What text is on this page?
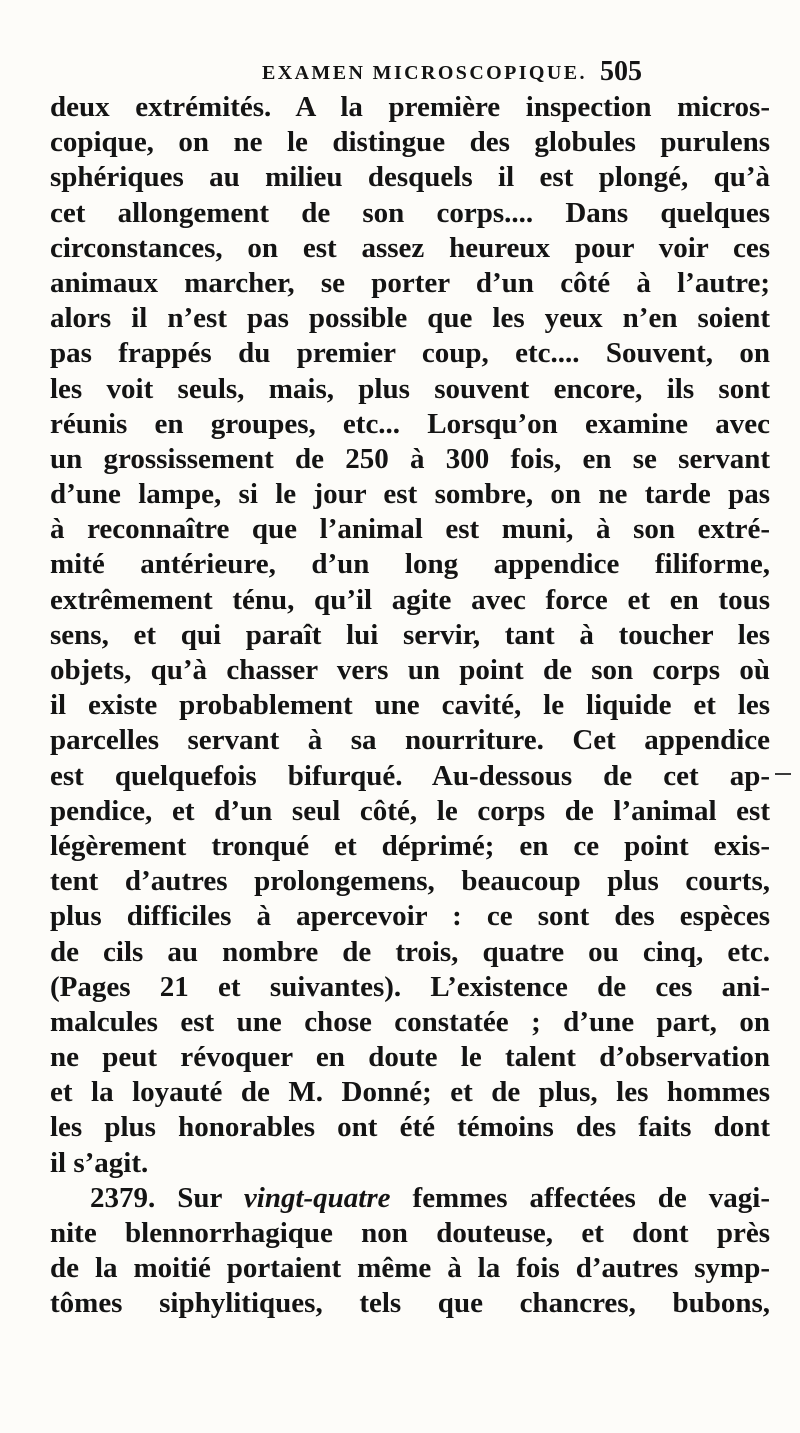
EXAMEN MICROSCOPIQUE. 505
deux extrémités. A la première inspection micros-
copique, on ne le distingue des globules purulens
sphériques au milieu desquels il est plongé, qu’à
cet allongement de son corps.... Dans quelques
circonstances, on est assez heureux pour voir ces
animaux marcher, se porter d’un côté à l’autre;
alors il n’est pas possible que les yeux n’en soient
pas frappés du premier coup, etc.... Souvent, on
les voit seuls, mais, plus souvent encore, ils sont
réunis en groupes, etc... Lorsqu’on examine avec
un grossissement de 250 à 300 fois, en se servant
d’une lampe, si le jour est sombre, on ne tarde pas
à reconnaître que l’animal est muni, à son extré-
mité antérieure, d’un long appendice filiforme,
extrêmement ténu, qu’il agite avec force et en tous
sens, et qui paraît lui servir, tant à toucher les
objets, qu’à chasser vers un point de son corps où
il existe probablement une cavité, le liquide et les
parcelles servant à sa nourriture. Cet appendice
est quelquefois bifurqué. Au-dessous de cet ap-
pendice, et d’un seul côté, le corps de l’animal est
légèrement tronqué et déprimé; en ce point exis-
tent d’autres prolongemens, beaucoup plus courts,
plus difficiles à apercevoir : ce sont des espèces
de cils au nombre de trois, quatre ou cinq, etc.
(Pages 21 et suivantes). L’existence de ces ani-
malcules est une chose constatée ; d’une part, on
ne peut révoquer en doute le talent d’observation
et la loyauté de M. Donné; et de plus, les hommes
les plus honorables ont été témoins des faits dont
il s’agit.
2379. Sur vingt-quatre femmes affectées de vagi-
nite blennorrhagique non douteuse, et dont près
de la moitié portaient même à la fois d’autres symp-
tômes siphylitiques, tels que chancres, bubons,
